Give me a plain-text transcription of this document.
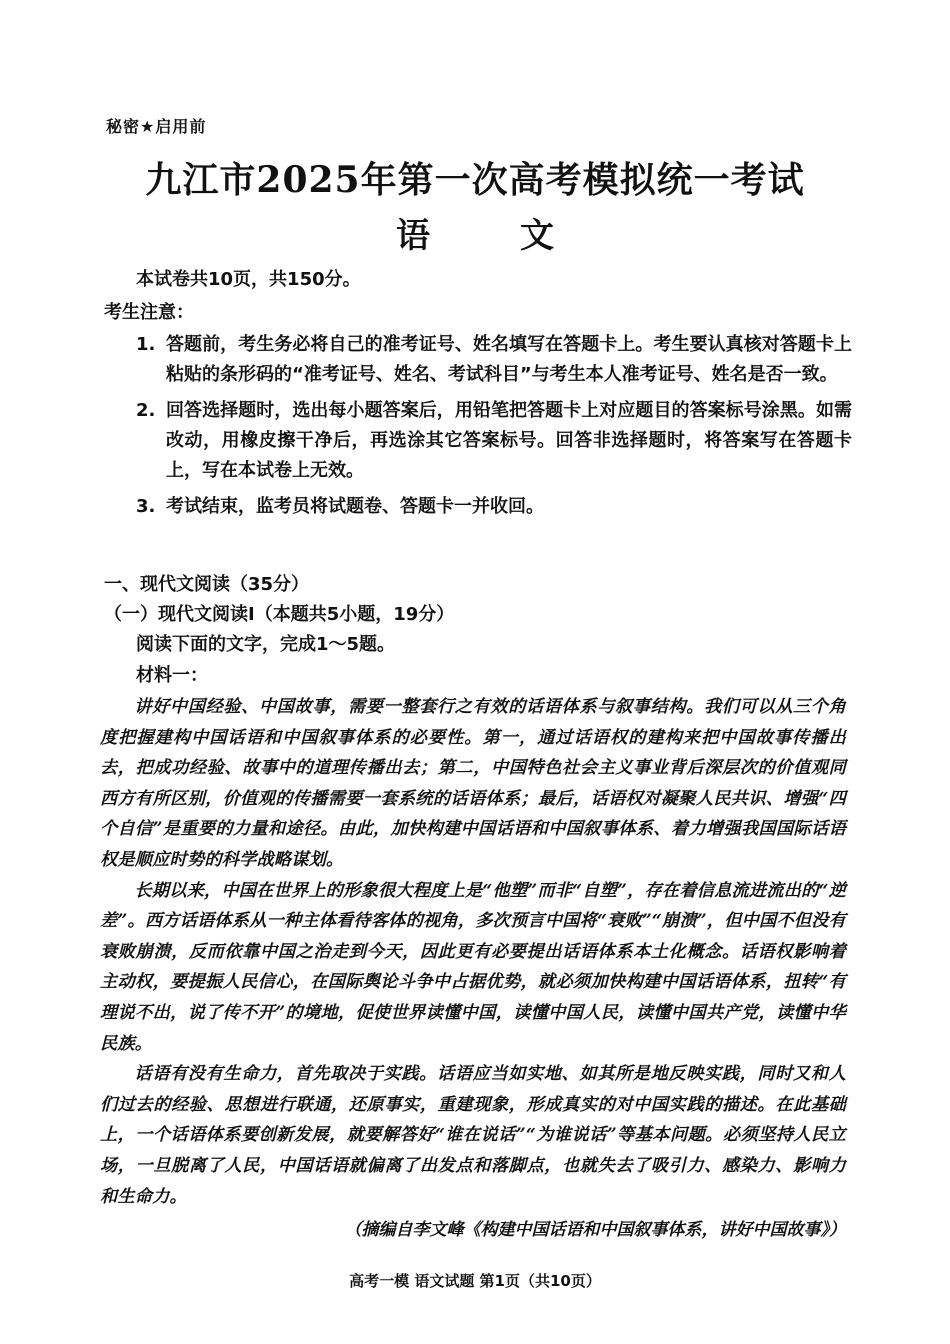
秘密★启用前
九江市2025年第一次高考模拟统一考试
语	文
本试卷共10页，共150分。
考生注意：
1. 答题前，考生务必将自己的准考证号、姓名填写在答题卡上。考生要认真核对答题卡上粘贴的条形码的“准考证号、姓名、考试科目”与考生本人准考证号、姓名是否一致。
2. 回答选择题时，选出每小题答案后，用铅笔把答题卡上对应题目的答案标号涂黑。如需改动，用橡皮擦干净后，再选涂其它答案标号。回答非选择题时，将答案写在答题卡上，写在本试卷上无效。
3. 考试结束，监考员将试题卷、答题卡一并收回。
一、现代文阅读（35分）
（一）现代文阅读Ⅰ（本题共5小题，19分）
阅读下面的文字，完成1～5题。
材料一：

讲好中国经验、中国故事，需要一整套行之有效的话语体系与叙事结构。我们可以从三个角度把握建构中国话语和中国叙事体系的必要性。第一，通过话语权的建构来把中国故事传播出去，把成功经验、故事中的道理传播出去；第二，中国特色社会主义事业背后深层次的价值观同西方有所区别，价值观的传播需要一套系统的话语体系；最后，话语权对凝聚人民共识、增强“四个自信”是重要的力量和途径。由此，加快构建中国话语和中国叙事体系、着力增强我国国际话语权是顺应时势的科学战略谋划。

长期以来，中国在世界上的形象很大程度上是“他塑”而非“自塑”，存在着信息流进流出的“逆差”。西方话语体系从一种主体看待客体的视角，多次预言中国将“衰败”“崩溃”，但中国不但没有衰败崩溃，反而依靠中国之治走到今天，因此更有必要提出话语体系本土化概念。话语权影响着主动权，要提振人民信心，在国际舆论斗争中占据优势，就必须加快构建中国话语体系，扭转“有理说不出，说了传不开”的境地，促使世界读懂中国，读懂中国人民，读懂中国共产党，读懂中华民族。

话语有没有生命力，首先取决于实践。话语应当如实地、如其所是地反映实践，同时又和人们过去的经验、思想进行联通，还原事实，重建现象，形成真实的对中国实践的描述。在此基础上，一个话语体系要创新发展，就要解答好“谁在说话”“为谁说话”等基本问题。必须坚持人民立场，一旦脱离了人民，中国话语就偏离了出发点和落脚点，也就失去了吸引力、感染力、影响力和生命力。

（摘编自李文峰《构建中国话语和中国叙事体系，讲好中国故事》）
高考一模 语文试题 第1页（共10页）
